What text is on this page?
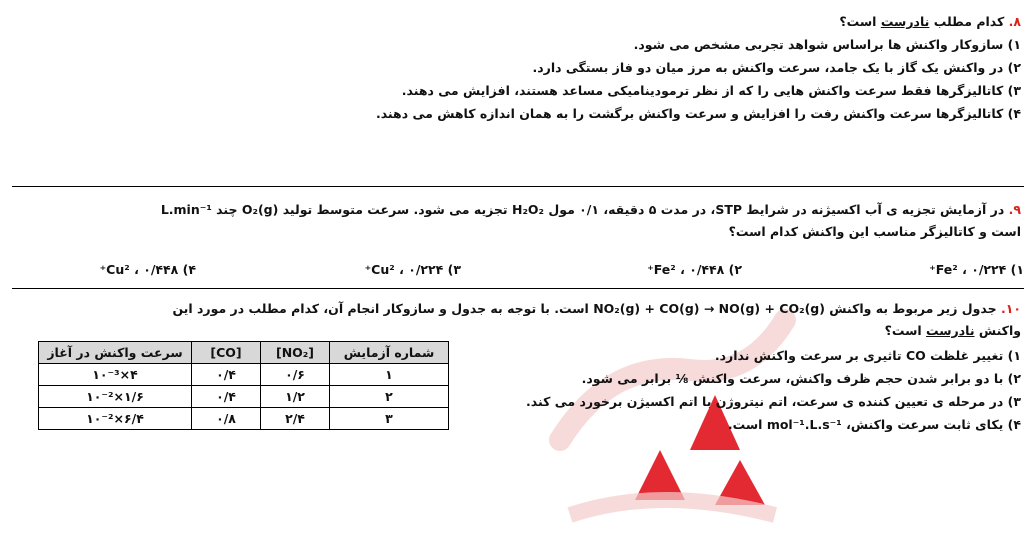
۸. کدام مطلب نادرست است؟
۱) سازوکار واکنش ها براساس شواهد تجربی مشخص می شود.
۲) در واکنش یک گاز با یک جامد، سرعت واکنش به مرز میان دو فاز بستگی دارد.
۳) کاتالیزگرها فقط سرعت واکنش هایی را که از نظر ترمودینامیکی مساعد هستند، افزایش می دهند.
۴) کاتالیزگرها سرعت واکنش رفت را افزایش و سرعت واکنش برگشت را به همان اندازه کاهش می دهند.
۹. در آزمایش تجزیه ی آب اکسیژنه در شرایط STP، در مدت ۵ دقیقه، ۰/۱ مول H₂O₂ تجزیه می شود. سرعت متوسط تولید O₂(g) چند L.min⁻¹
است و کاتالیزگر مناسب این واکنش کدام است؟
۱) ۰/۲۲۴ ، Fe²⁺
۲) ۰/۴۴۸ ، Fe²⁺
۳) ۰/۲۲۴ ، Cu²⁺
۴) ۰/۴۴۸ ، Cu²⁺
۱۰. جدول زیر مربوط به واکنش NO₂(g) + CO(g) → NO(g) + CO₂(g) است. با توجه به جدول و سازوکار انجام آن، کدام مطلب در مورد این
واکنش نادرست است؟
۱) تغییر غلظت CO تاثیری بر سرعت واکنش ندارد.
۲) با دو برابر شدن حجم ظرف واکنش، سرعت واکنش ⅛ برابر می شود.
۳) در مرحله ی تعیین کننده ی سرعت، اتم نیتروژن با اتم اکسیژن برخورد می کند.
۴) یکای ثابت سرعت واکنش، mol⁻¹.L.s⁻¹ است.
شماره آزمایش	[NO₂]	[CO]	سرعت واکنش در آغاز
۱	۰/۶	۰/۴	۴×۱۰⁻³
۲	۱/۲	۰/۴	۱/۶×۱۰⁻²
۳	۲/۴	۰/۸	۶/۴×۱۰⁻²
